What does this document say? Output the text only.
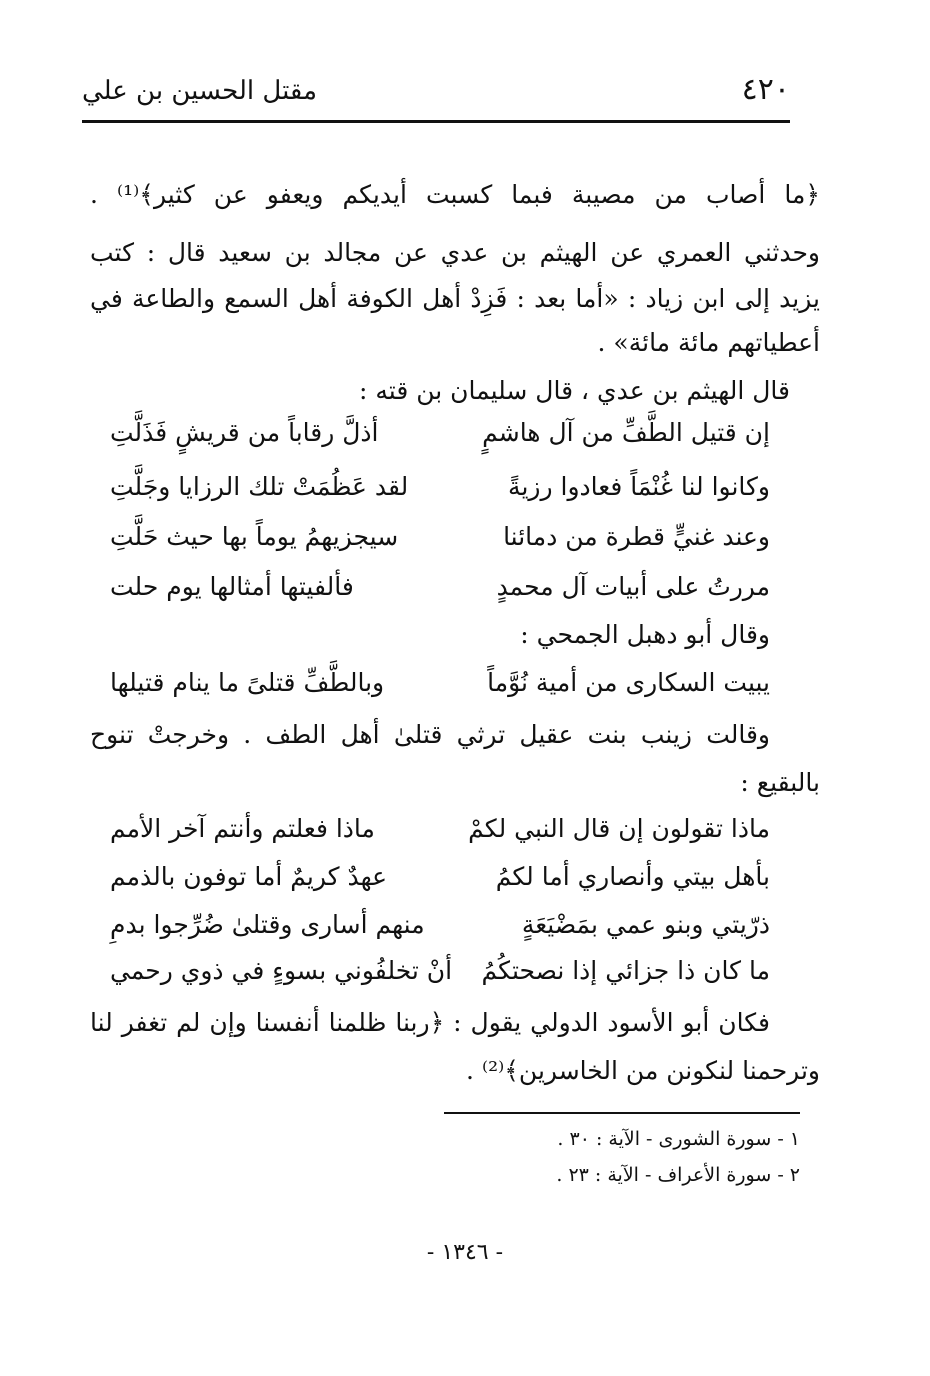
٤٢٠
مقتل الحسين بن علي
﴿ما أصاب من مصيبة فبما كسبت أيديكم ويعفو عن كثير﴾⁽¹⁾ .
وحدثني العمري عن الهيثم بن عدي عن مجالد بن سعيد قال : كتب
يزيد إلى ابن زياد : «أما بعد : فَزِدْ أهل الكوفة أهل السمع والطاعة في
أعطياتهم مائة مائة» .
قال الهيثم بن عدي ، قال سليمان بن قته :
إن قتيل الطَّفِّ من آل هاشمٍ
أذلَّ رقاباً من قريشٍ فَذَلَّتِ
وكانوا لنا غُنْمَاً فعادوا رزيةً
لقد عَظُمَتْ تلك الرزايا وجَلَّتِ
وعند غنيٍّ قطرة من دمائنا
سيجزيهمُ يوماً بها حيث حَلَّتِ
مررتُ على أبيات آل محمدٍ
فألفيتها أمثالها يوم حلت
وقال أبو دهبل الجمحي :
يبيت السكارى من أمية نُوَّماً
وبالطَّفِّ قتلىً ما ينام قتيلها
وقالت زينب بنت عقيل ترثي قتلىٰ أهل الطف . وخرجتْ تنوح
بالبقيع :
ماذا تقولون إن قال النبي لكمْ
ماذا فعلتم وأنتم آخر الأمم
بأهل بيتي وأنصاري أما لكمُ
عهدٌ كريمٌ أما توفون بالذمم
ذرّيتي وبنو عمي بمَضْيَعَةٍ
منهم أسارى وقتلىٰ ضُرِّجوا بدمِ
ما كان ذا جزائي إذا نصحتكُمُ
أنْ تخلفُوني بسوءٍ في ذوي رحمي
فكان أبو الأسود الدولي يقول : ﴿ربنا ظلمنا أنفسنا وإن لم تغفر لنا
وترحمنا لنكونن من الخاسرين﴾⁽²⁾ .
١ - سورة الشورى - الآية : ٣٠ .
٢ - سورة الأعراف - الآية : ٢٣ .
- ١٣٤٦ -
